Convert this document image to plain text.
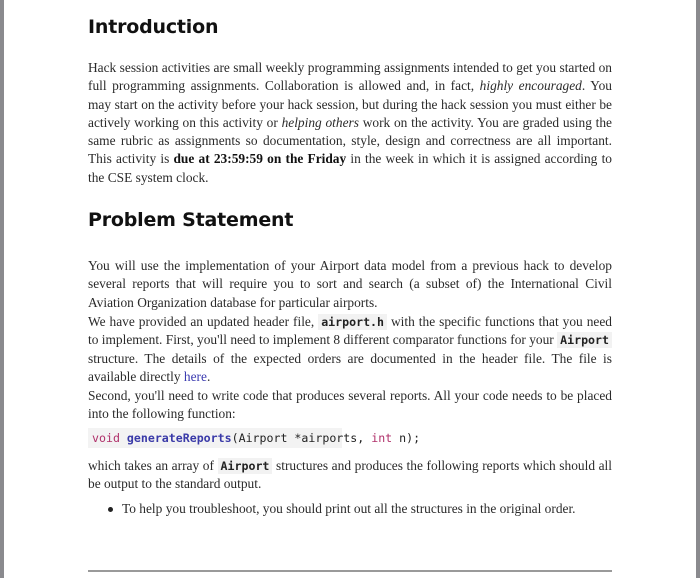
Introduction

Hack session activities are small weekly programming assignments intended to get you started on full programming assignments. Collaboration is allowed and, in fact, highly encouraged. You may start on the activity before your hack session, but during the hack session you must either be actively working on this activity or helping others work on the activity. You are graded using the same rubric as assignments so documentation, style, design and correctness are all important. This activity is due at 23:59:59 on the Friday in the week in which it is assigned according to the CSE system clock.

Problem Statement

You will use the implementation of your Airport data model from a previous hack to develop several reports that will require you to sort and search (a subset of) the International Civil Aviation Organization database for particular airports.

We have provided an updated header file, airport.h with the specific functions that you need to implement. First, you'll need to implement 8 different comparator functions for your Airport structure. The details of the expected orders are documented in the header file. The file is available directly here.

Second, you'll need to write code that produces several reports. All your code needs to be placed into the following function:

void generateReports(Airport *airports, int n);

which takes an array of Airport structures and produces the following reports which should all be output to the standard output.

To help you troubleshoot, you should print out all the structures in the original order.
